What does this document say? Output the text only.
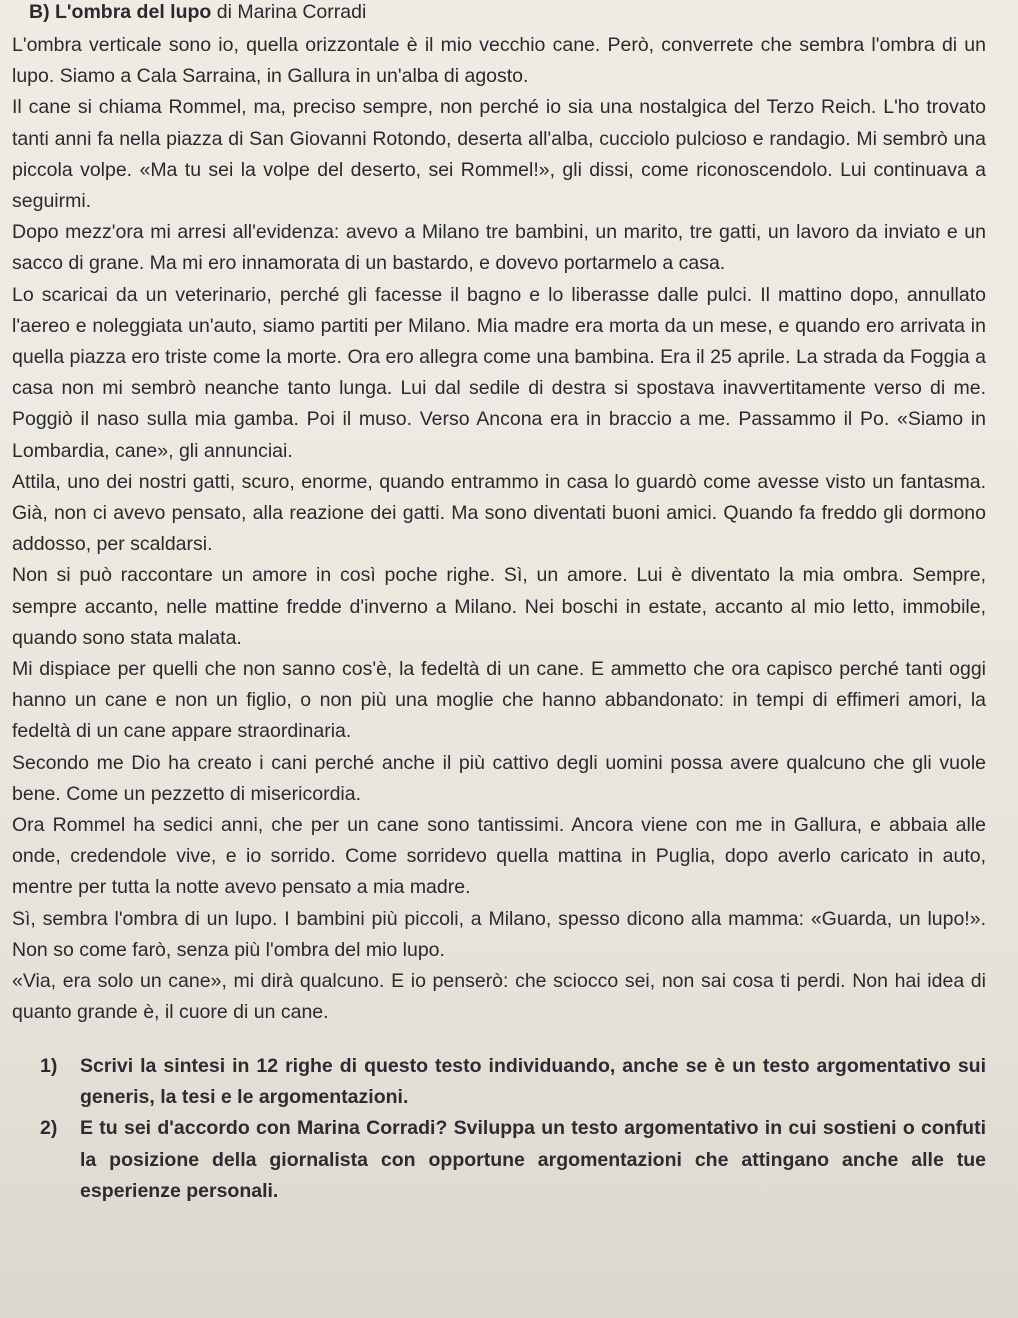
B) L'ombra del lupo di Marina Corradi

L'ombra verticale sono io, quella orizzontale è il mio vecchio cane. Però, converrete che sembra l'ombra di un lupo. Siamo a Cala Sarraina, in Gallura in un'alba di agosto.

Il cane si chiama Rommel, ma, preciso sempre, non perché io sia una nostalgica del Terzo Reich. L'ho trovato tanti anni fa nella piazza di San Giovanni Rotondo, deserta all'alba, cucciolo pulcioso e randagio. Mi sembrò una piccola volpe. «Ma tu sei la volpe del deserto, sei Rommel!», gli dissi, come riconoscendolo. Lui continuava a seguirmi.

Dopo mezz'ora mi arresi all'evidenza: avevo a Milano tre bambini, un marito, tre gatti, un lavoro da inviato e un sacco di grane. Ma mi ero innamorata di un bastardo, e dovevo portarmelo a casa.

Lo scaricai da un veterinario, perché gli facesse il bagno e lo liberasse dalle pulci. Il mattino dopo, annullato l'aereo e noleggiata un'auto, siamo partiti per Milano. Mia madre era morta da un mese, e quando ero arrivata in quella piazza ero triste come la morte. Ora ero allegra come una bambina. Era il 25 aprile. La strada da Foggia a casa non mi sembrò neanche tanto lunga. Lui dal sedile di destra si spostava inavvertitamente verso di me. Poggiò il naso sulla mia gamba. Poi il muso. Verso Ancona era in braccio a me. Passammo il Po. «Siamo in Lombardia, cane», gli annunciai.

Attila, uno dei nostri gatti, scuro, enorme, quando entrammo in casa lo guardò come avesse visto un fantasma. Già, non ci avevo pensato, alla reazione dei gatti. Ma sono diventati buoni amici. Quando fa freddo gli dormono addosso, per scaldarsi.

Non si può raccontare un amore in così poche righe. Sì, un amore. Lui è diventato la mia ombra. Sempre, sempre accanto, nelle mattine fredde d'inverno a Milano. Nei boschi in estate, accanto al mio letto, immobile, quando sono stata malata.

Mi dispiace per quelli che non sanno cos'è, la fedeltà di un cane. E ammetto che ora capisco perché tanti oggi hanno un cane e non un figlio, o non più una moglie che hanno abbandonato: in tempi di effimeri amori, la fedeltà di un cane appare straordinaria.

Secondo me Dio ha creato i cani perché anche il più cattivo degli uomini possa avere qualcuno che gli vuole bene. Come un pezzetto di misericordia.

Ora Rommel ha sedici anni, che per un cane sono tantissimi. Ancora viene con me in Gallura, e abbaia alle onde, credendole vive, e io sorrido. Come sorridevo quella mattina in Puglia, dopo averlo caricato in auto, mentre per tutta la notte avevo pensato a mia madre.

Sì, sembra l'ombra di un lupo. I bambini più piccoli, a Milano, spesso dicono alla mamma: «Guarda, un lupo!». Non so come farò, senza più l'ombra del mio lupo.

«Via, era solo un cane», mi dirà qualcuno. E io penserò: che sciocco sei, non sai cosa ti perdi. Non hai idea di quanto grande è, il cuore di un cane.

1) Scrivi la sintesi in 12 righe di questo testo individuando, anche se è un testo argomentativo sui generis, la tesi e le argomentazioni.
2) E tu sei d'accordo con Marina Corradi? Sviluppa un testo argomentativo in cui sostieni o confuti la posizione della giornalista con opportune argomentazioni che attingano anche alle tue esperienze personali.
